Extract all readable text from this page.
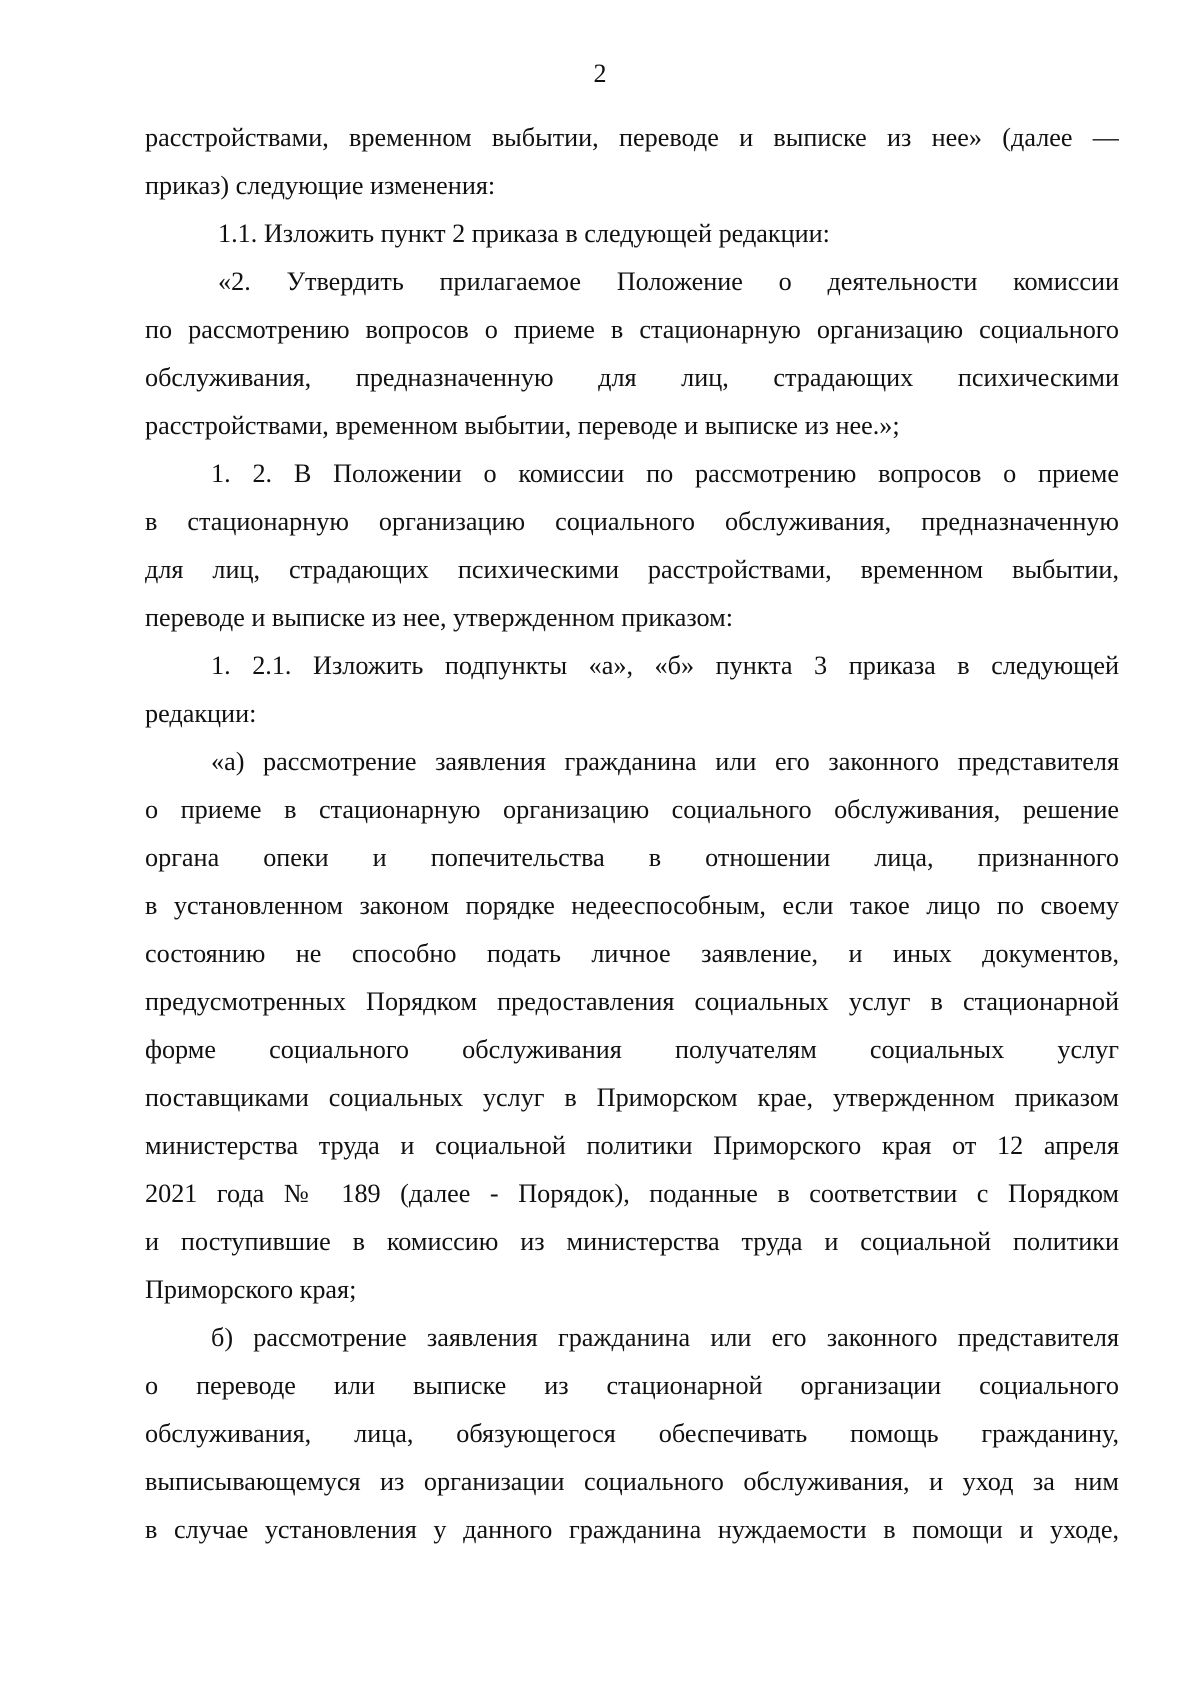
2
расстройствами, временном выбытии, переводе и выписке из нее» (далее —
приказ) следующие изменения:
1.1. Изложить пункт 2 приказа в следующей редакции:
«2. Утвердить прилагаемое Положение о деятельности комиссии
по рассмотрению вопросов о приеме в стационарную организацию социального
обслуживания, предназначенную для лиц, страдающих психическими
расстройствами, временном выбытии, переводе и выписке из нее.»;
1. 2. В Положении о комиссии по рассмотрению вопросов о приеме
в стационарную организацию социального обслуживания, предназначенную
для лиц, страдающих психическими расстройствами, временном выбытии,
переводе и выписке из нее, утвержденном приказом:
1. 2.1. Изложить подпункты «а», «б» пункта 3 приказа в следующей
редакции:
«а) рассмотрение заявления гражданина или его законного представителя
о приеме в стационарную организацию социального обслуживания, решение
органа опеки и попечительства в отношении лица, признанного
в установленном законом порядке недееспособным, если такое лицо по своему
состоянию не способно подать личное заявление, и иных документов,
предусмотренных Порядком предоставления социальных услуг в стационарной
форме социального обслуживания получателям социальных услуг
поставщиками социальных услуг в Приморском крае, утвержденном приказом
министерства труда и социальной политики Приморского края от 12 апреля
2021 года № 189 (далее - Порядок), поданные в соответствии с Порядком
и поступившие в комиссию из министерства труда и социальной политики
Приморского края;
б) рассмотрение заявления гражданина или его законного представителя
о переводе или выписке из стационарной организации социального
обслуживания, лица, обязующегося обеспечивать помощь гражданину,
выписывающемуся из организации социального обслуживания, и уход за ним
в случае установления у данного гражданина нуждаемости в помощи и уходе,
